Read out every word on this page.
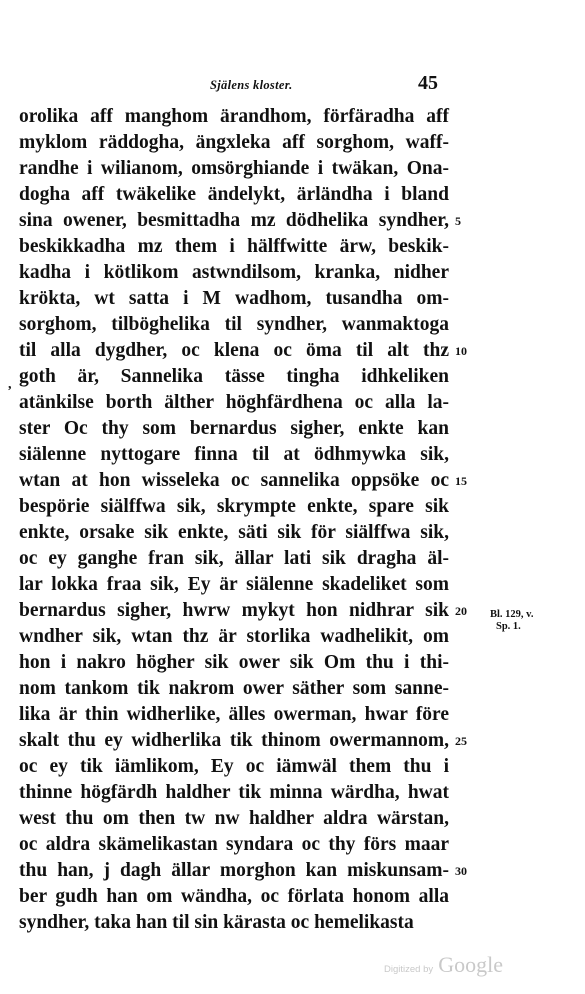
Själens kloster.	45
orolika aff manghom ärandhom, förfäradha aff
myklom räddogha, ängxleka aff sorghom, waff-
randhe i wilianom, omsörghiande i twäkan, Ona-
dogha aff twäkelike ändelykt, ärländha i bland
sina owener, besmittadha mz dödhelika syndher,
beskikkadha mz them i hälffwitte ärw, beskik-
kadha i kötlikom astwndilsom, kranka, nidher
krökta, wt satta i M wadhom, tusandha om-
sorghom, tilböghelika til syndher, wanmaktoga
til alla dygdher, oc klena oc öma til alt thz
goth är, Sannelika tässe tingha idhkeliken
atänkilse borth älther höghfärdhena oc alla la-
ster Oc thy som bernardus sigher, enkte kan
siälenne nyttogare finna til at ödhmywka sik,
wtan at hon wisseleka oc sannelika oppsöke oc
bespörie siälffwa sik, skrympte enkte, spare sik
enkte, orsake sik enkte, säti sik för siälffwa sik,
oc ey ganghe fran sik, ällar lati sik dragha äl-
lar lokka fraa sik, Ey är siälenne skadeliket som
bernardus sigher, hwrw mykyt hon nidhrar sik
wndher sik, wtan thz är storlika wadhelikit, om
hon i nakro högher sik ower sik Om thu i thi-
nom tankom tik nakrom ower säther som sanne-
lika är thin widherlike, älles owerman, hwar före
skalt thu ey widherlika tik thinom owermannom,
oc ey tik iämlikom, Ey oc iämwäl them thu i
thinne högfärdh haldher tik minna wärdha, hwat
west thu om then tw nw haldher aldra wärstan,
oc aldra skämelikastan syndara oc thy förs maar
thu han, j dagh ällar morghon kan miskunsam-
ber gudh han om wändha, oc förlata honom alla
syndher, taka han til sin kärasta oc hemelikasta
5
10
15
20
25
30
,
Bl. 129, v.
Sp. 1.
Digitized by Google
